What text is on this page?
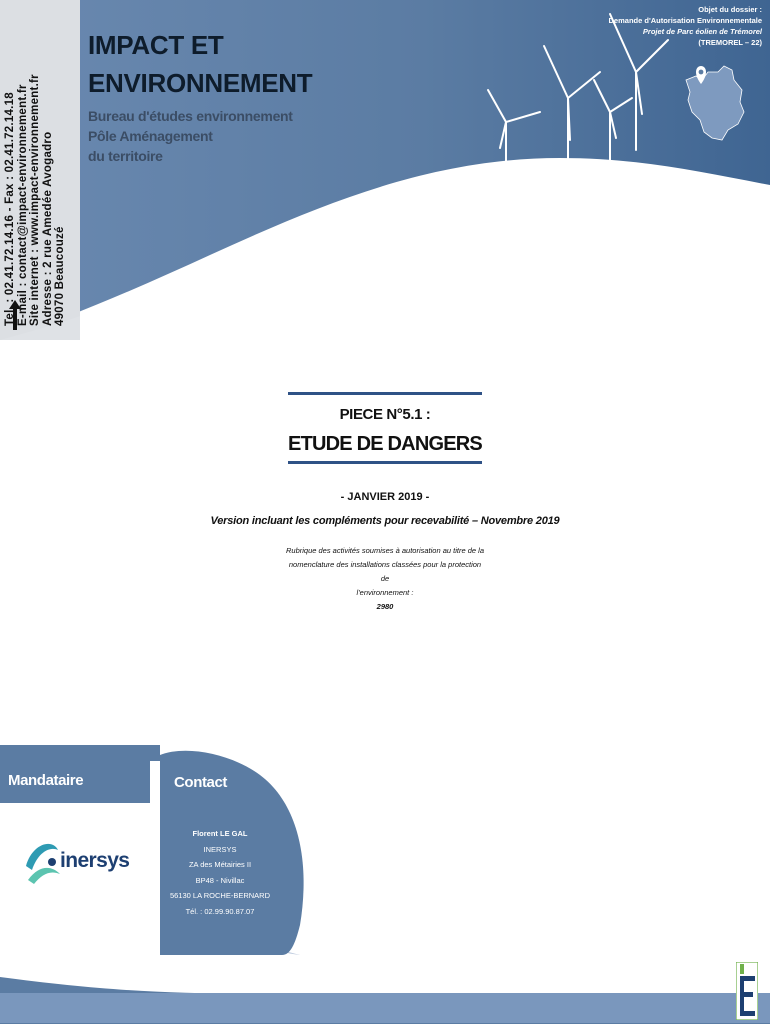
Tel. : 02.41.72.14.16 - Fax : 02.41.72.14.18 E-mail : contact@impact-environnement.fr Site internet : www.impact-environnement.fr Adresse : 2 rue Amedée Avogadro 49070 Beaucouzé
IMPACT ET
ENVIRONNEMENT
Bureau d'études environnement
Pôle Aménagement
du territoire
Objet du dossier :
Demande d'Autorisation Environnementale
Projet de Parc éolien de Trémorel
(TREMOREL – 22)
PIECE N°5.1 :
ETUDE DE DANGERS
- JANVIER 2019 -
Version incluant les compléments pour recevabilité – Novembre 2019
Rubrique des activités soumises à autorisation au titre de la
nomenclature des installations classées pour la protection de
l'environnement :
2980
Mandataire	Contact
inersys
Florent LE GAL
INERSYS
ZA des Métairies II
BP48 - Nivillac
56130 LA ROCHE-BERNARD
Tél. : 02.99.90.87.07
